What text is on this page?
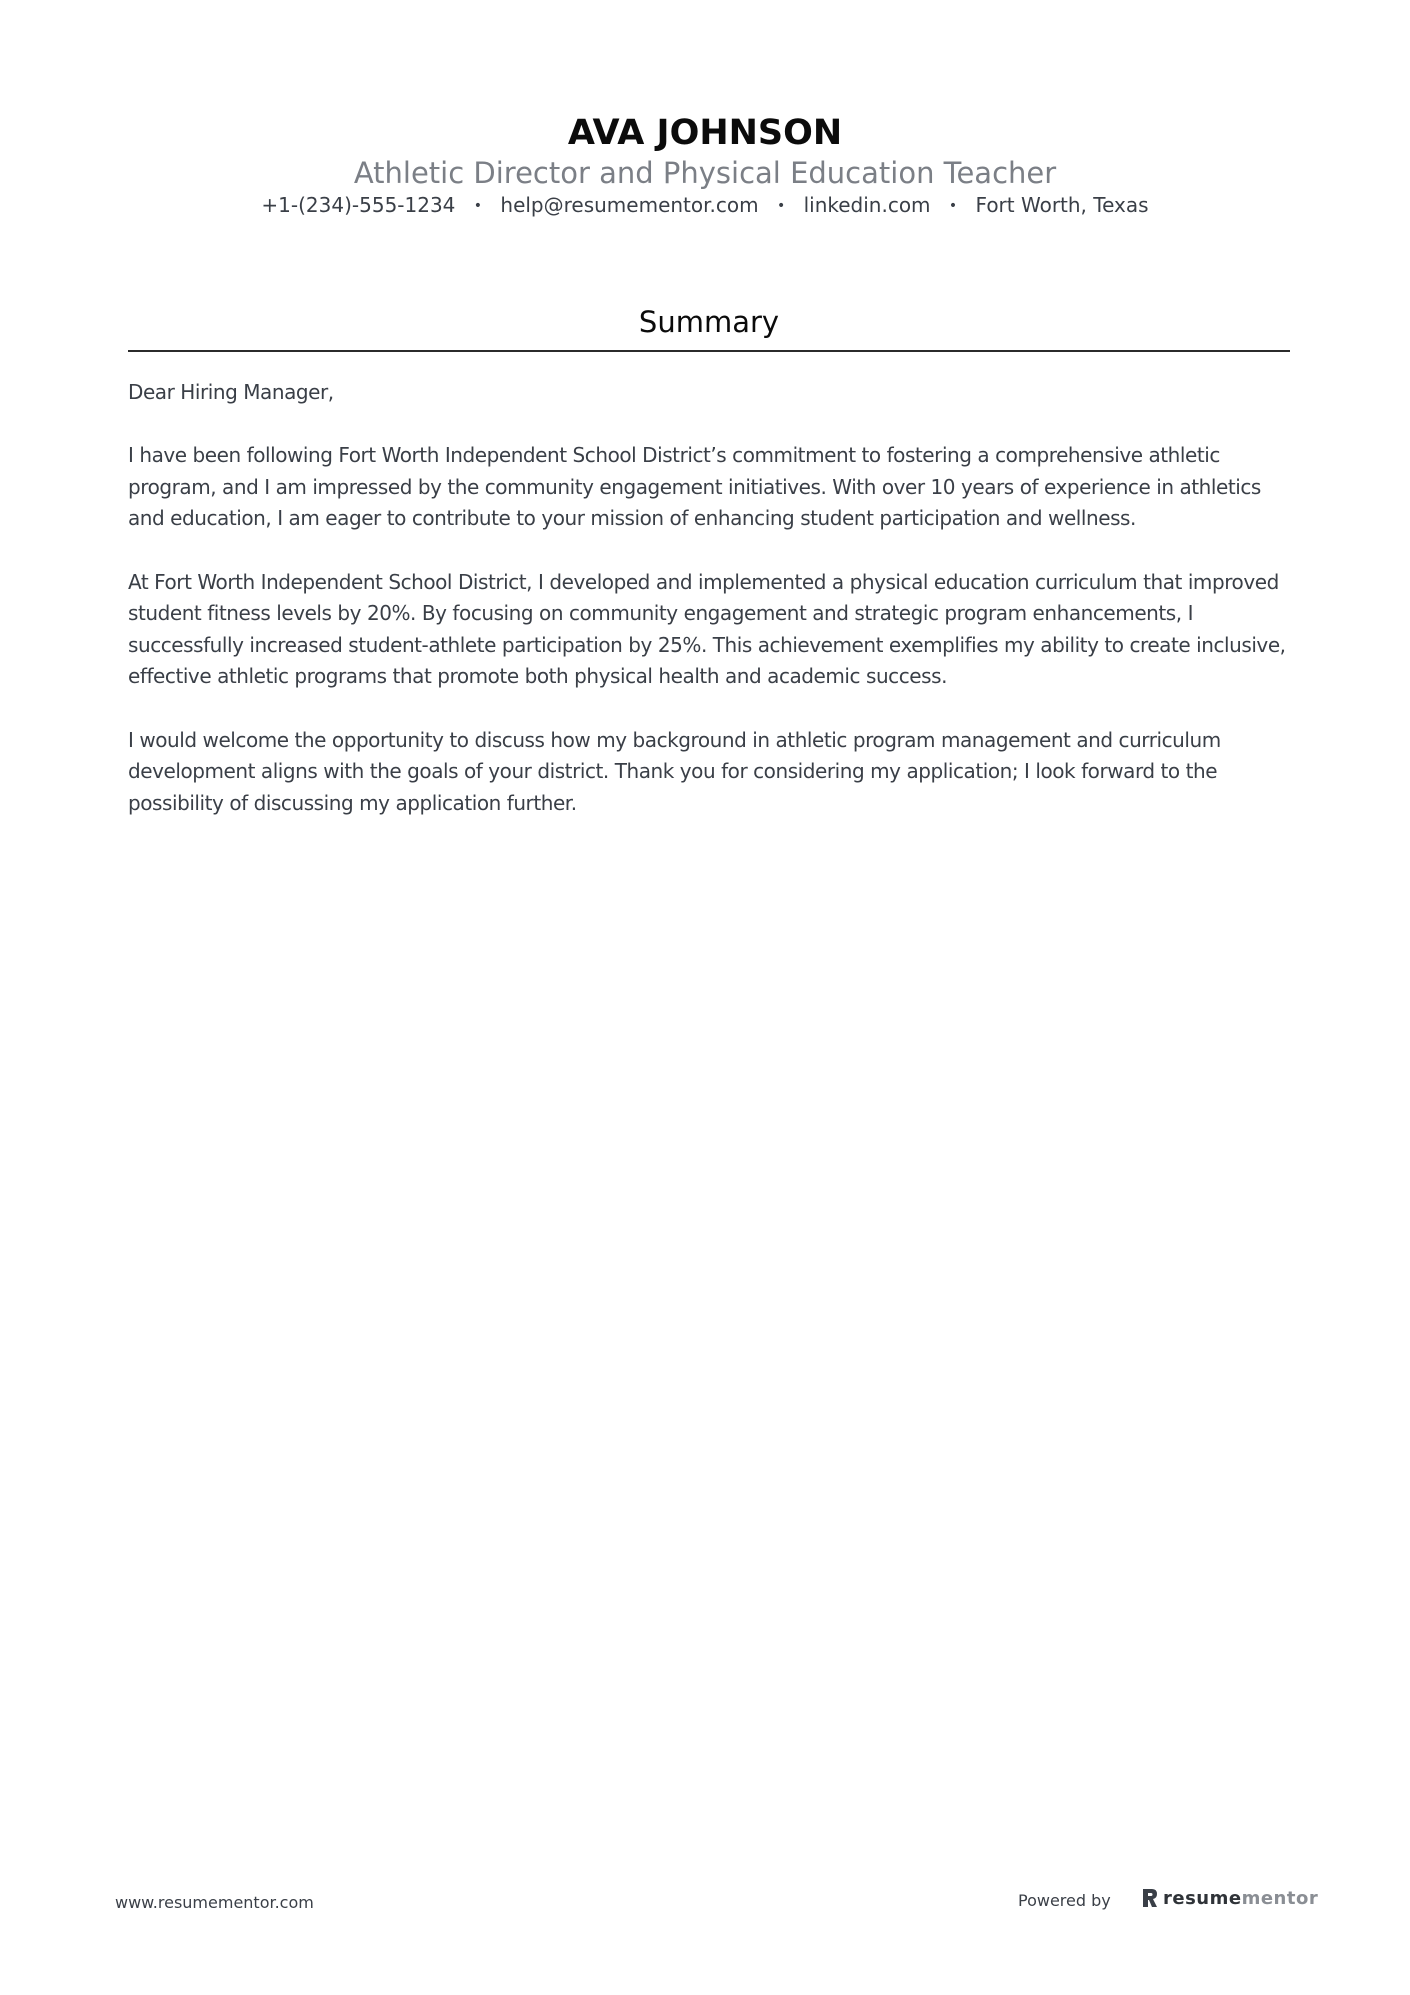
AVA JOHNSON
Athletic Director and Physical Education Teacher
+1-(234)-555-1234 • help@resumementor.com • linkedin.com • Fort Worth, Texas
Summary

Dear Hiring Manager,

I have been following Fort Worth Independent School District’s commitment to fostering a comprehensive athletic program, and I am impressed by the community engagement initiatives. With over 10 years of experience in athletics and education, I am eager to contribute to your mission of enhancing student participation and wellness.

At Fort Worth Independent School District, I developed and implemented a physical education curriculum that improved student fitness levels by 20%. By focusing on community engagement and strategic program enhancements, I successfully increased student-athlete participation by 25%. This achievement exemplifies my ability to create inclusive, effective athletic programs that promote both physical health and academic success.

I would welcome the opportunity to discuss how my background in athletic program management and curriculum development aligns with the goals of your district. Thank you for considering my application; I look forward to the possibility of discussing my application further.

www.resumementor.com	Powered by	resumementor
